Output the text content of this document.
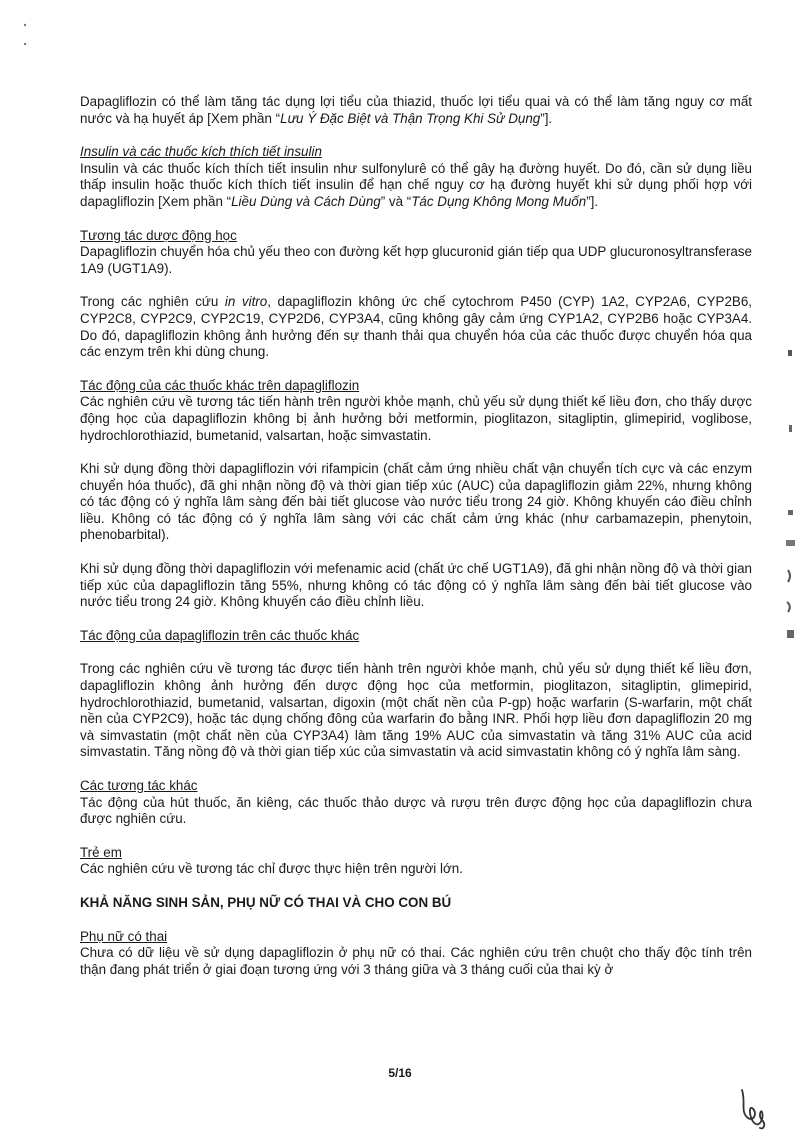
Dapagliflozin có thể làm tăng tác dụng lợi tiểu của thiazid, thuốc lợi tiểu quai và có thể làm tăng nguy cơ mất nước và hạ huyết áp [Xem phần “Lưu Ý Đặc Biệt và Thận Trọng Khi Sử Dụng”].

Insulin và các thuốc kích thích tiết insulin

Insulin và các thuốc kích thích tiết insulin như sulfonylurê có thể gây hạ đường huyết. Do đó, cần sử dụng liều thấp insulin hoặc thuốc kích thích tiết insulin để hạn chế nguy cơ hạ đường huyết khi sử dụng phối hợp với dapagliflozin [Xem phần “Liều Dùng và Cách Dùng” và “Tác Dụng Không Mong Muốn”].

Tương tác dược động học

Dapagliflozin chuyển hóa chủ yếu theo con đường kết hợp glucuronid gián tiếp qua UDP glucuronosyltransferase 1A9 (UGT1A9).

Trong các nghiên cứu in vitro, dapagliflozin không ức chế cytochrom P450 (CYP) 1A2, CYP2A6, CYP2B6, CYP2C8, CYP2C9, CYP2C19, CYP2D6, CYP3A4, cũng không gây cảm ứng CYP1A2, CYP2B6 hoặc CYP3A4. Do đó, dapagliflozin không ảnh hưởng đến sự thanh thải qua chuyển hóa của các thuốc được chuyển hóa qua các enzym trên khi dùng chung.

Tác động của các thuốc khác trên dapagliflozin

Các nghiên cứu về tương tác tiến hành trên người khỏe mạnh, chủ yếu sử dụng thiết kế liều đơn, cho thấy dược động học của dapagliflozin không bị ảnh hưởng bởi metformin, pioglitazon, sitagliptin, glimepirid, voglibose, hydrochlorothiazid, bumetanid, valsartan, hoặc simvastatin.

Khi sử dụng đồng thời dapagliflozin với rifampicin (chất cảm ứng nhiều chất vận chuyển tích cực và các enzym chuyển hóa thuốc), đã ghi nhận nồng độ và thời gian tiếp xúc (AUC) của dapagliflozin giảm 22%, nhưng không có tác động có ý nghĩa lâm sàng đến bài tiết glucose vào nước tiểu trong 24 giờ. Không khuyến cáo điều chỉnh liều. Không có tác động có ý nghĩa lâm sàng với các chất cảm ứng khác (như carbamazepin, phenytoin, phenobarbital).

Khi sử dụng đồng thời dapagliflozin với mefenamic acid (chất ức chế UGT1A9), đã ghi nhận nồng độ và thời gian tiếp xúc của dapagliflozin tăng 55%, nhưng không có tác động có ý nghĩa lâm sàng đến bài tiết glucose vào nước tiểu trong 24 giờ. Không khuyến cáo điều chỉnh liều.

Tác động của dapagliflozin trên các thuốc khác

Trong các nghiên cứu về tương tác được tiến hành trên người khỏe mạnh, chủ yếu sử dụng thiết kế liều đơn, dapagliflozin không ảnh hưởng đến dược động học của metformin, pioglitazon, sitagliptin, glimepirid, hydrochlorothiazid, bumetanid, valsartan, digoxin (một chất nền của P-gp) hoặc warfarin (S-warfarin, một chất nền của CYP2C9), hoặc tác dụng chống đông của warfarin đo bằng INR. Phối hợp liều đơn dapagliflozin 20 mg và simvastatin (một chất nền của CYP3A4) làm tăng 19% AUC của simvastatin và tăng 31% AUC của acid simvastatin. Tăng nồng độ và thời gian tiếp xúc của simvastatin và acid simvastatin không có ý nghĩa lâm sàng.

Các tương tác khác

Tác động của hút thuốc, ăn kiêng, các thuốc thảo dược và rượu trên được động học của dapagliflozin chưa được nghiên cứu.

Trẻ em

Các nghiên cứu về tương tác chỉ được thực hiện trên người lớn.

KHẢ NĂNG SINH SẢN, PHỤ NỮ CÓ THAI VÀ CHO CON BÚ

Phụ nữ có thai

Chưa có dữ liệu về sử dụng dapagliflozin ở phụ nữ có thai. Các nghiên cứu trên chuột cho thấy độc tính trên thận đang phát triển ở giai đoạn tương ứng với 3 tháng giữa và 3 tháng cuối của thai kỳ ở

5/16
